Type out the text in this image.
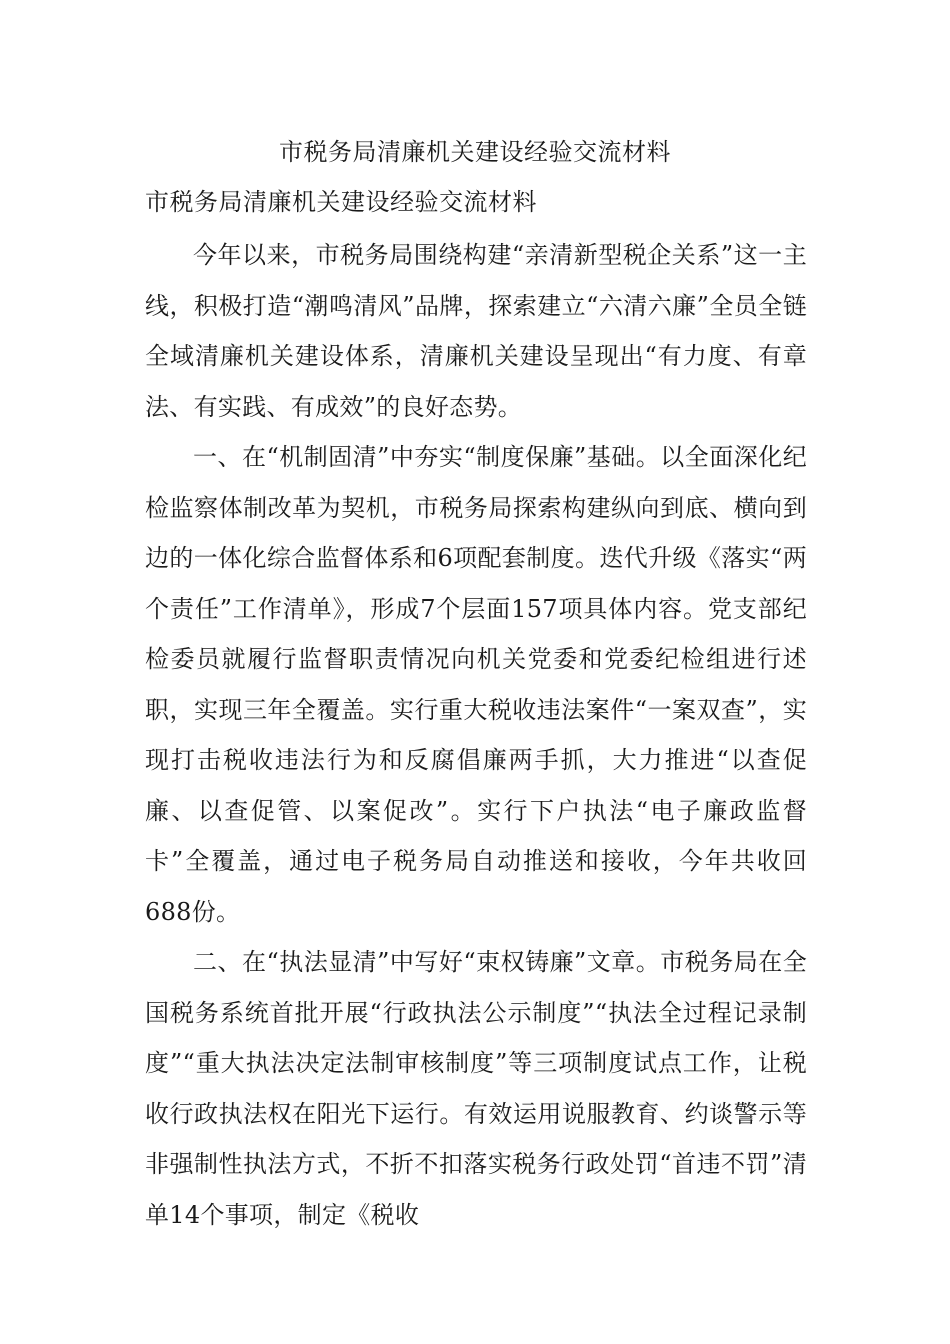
市税务局清廉机关建设经验交流材料
市税务局清廉机关建设经验交流材料

今年以来，市税务局围绕构建“亲清新型税企关系”这一主线，积极打造“潮鸣清风”品牌，探索建立“六清六廉”全员全链全域清廉机关建设体系，清廉机关建设呈现出“有力度、有章法、有实践、有成效”的良好态势。

一、在“机制固清”中夯实“制度保廉”基础。以全面深化纪检监察体制改革为契机，市税务局探索构建纵向到底、横向到边的一体化综合监督体系和6项配套制度。迭代升级《落实“两个责任”工作清单》，形成7个层面157项具体内容。党支部纪检委员就履行监督职责情况向机关党委和党委纪检组进行述职，实现三年全覆盖。实行重大税收违法案件“一案双查”，实现打击税收违法行为和反腐倡廉两手抓，大力推进“以查促廉、以查促管、以案促改”。实行下户执法“电子廉政监督卡”全覆盖，通过电子税务局自动推送和接收，今年共收回688份。

二、在“执法显清”中写好“束权铸廉”文章。市税务局在全国税务系统首批开展“行政执法公示制度”“执法全过程记录制度”“重大执法决定法制审核制度”等三项制度试点工作，让税收行政执法权在阳光下运行。有效运用说服教育、约谈警示等非强制性执法方式，不折不扣落实税务行政处罚“首违不罚”清单14个事项，制定《税收
